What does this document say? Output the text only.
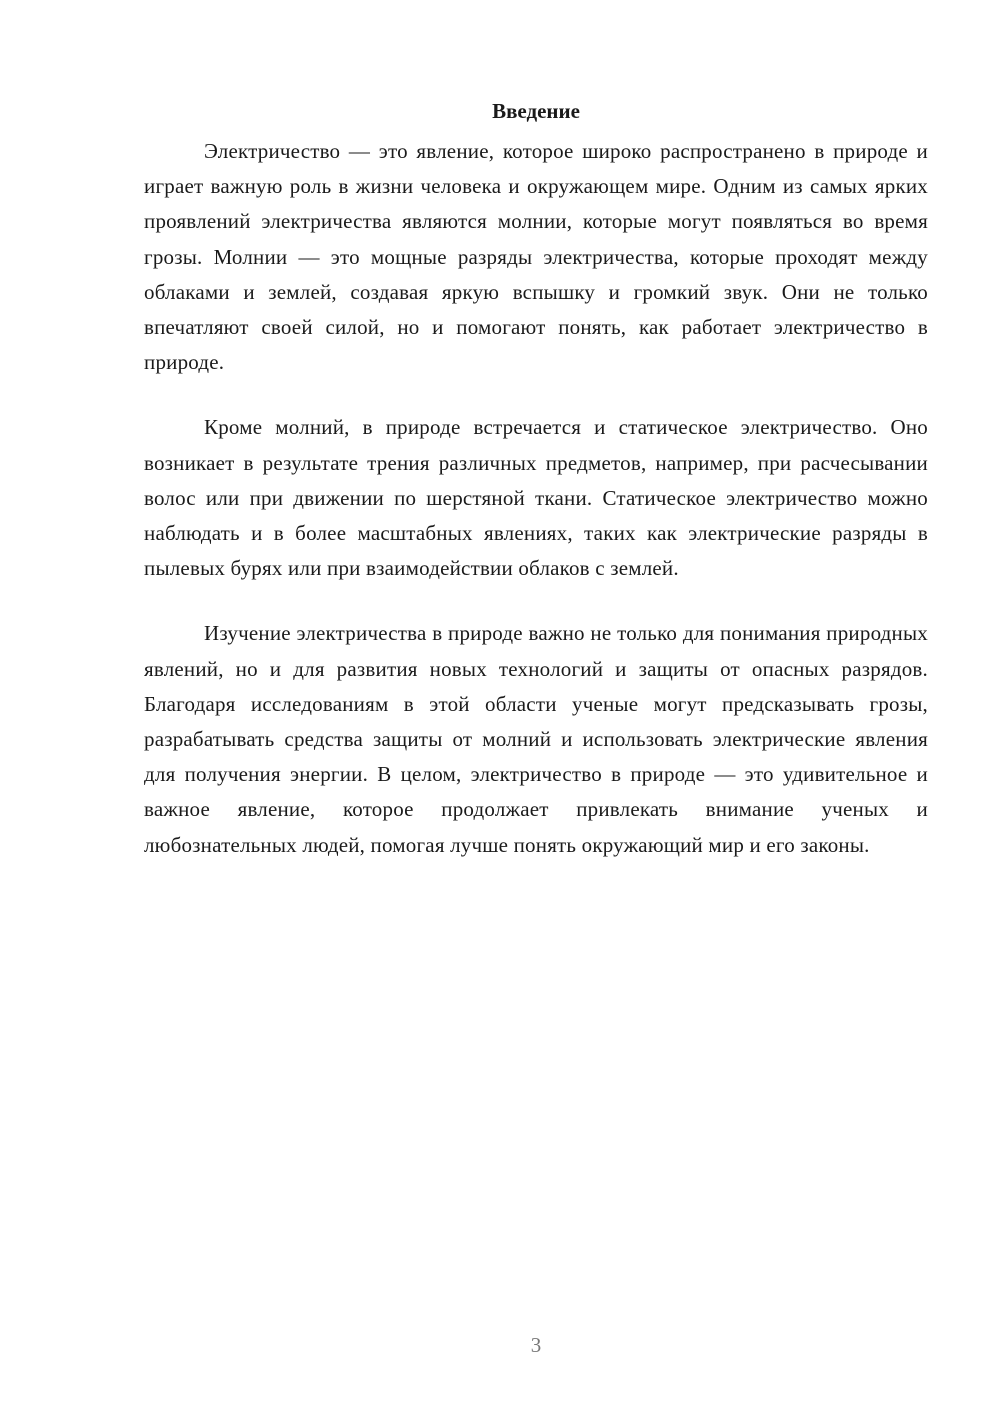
Введение

Электричество — это явление, которое широко распространено в природе и играет важную роль в жизни человека и окружающем мире. Одним из самых ярких проявлений электричества являются молнии, которые могут появляться во время грозы. Молнии — это мощные разряды электричества, которые проходят между облаками и землей, создавая яркую вспышку и громкий звук. Они не только впечатляют своей силой, но и помогают понять, как работает электричество в природе.

Кроме молний, в природе встречается и статическое электричество. Оно возникает в результате трения различных предметов, например, при расчесывании волос или при движении по шерстяной ткани. Статическое электричество можно наблюдать и в более масштабных явлениях, таких как электрические разряды в пылевых бурях или при взаимодействии облаков с землей.

Изучение электричества в природе важно не только для понимания природных явлений, но и для развития новых технологий и защиты от опасных разрядов. Благодаря исследованиям в этой области ученые могут предсказывать грозы, разрабатывать средства защиты от молний и использовать электрические явления для получения энергии. В целом, электричество в природе — это удивительное и важное явление, которое продолжает привлекать внимание ученых и любознательных людей, помогая лучше понять окружающий мир и его законы.

3
